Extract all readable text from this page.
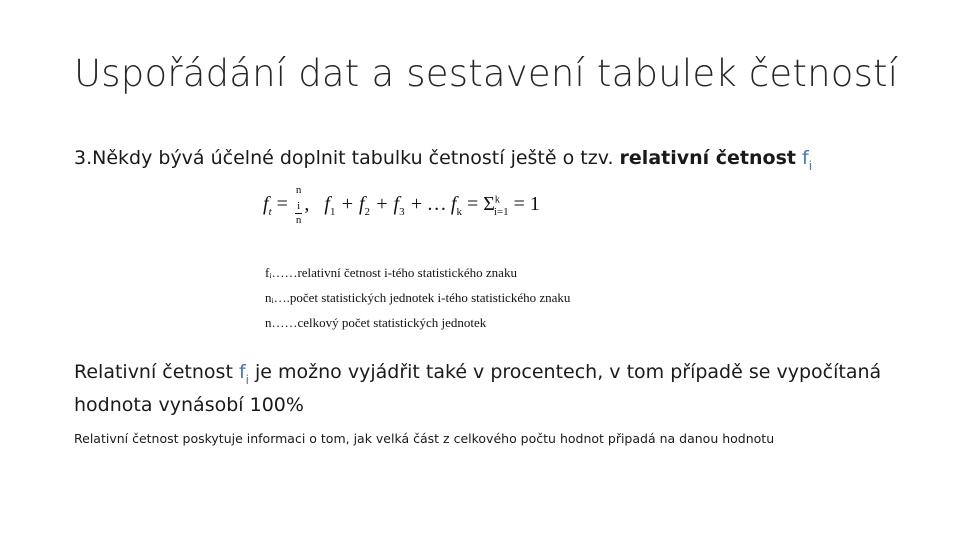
Uspořádání dat a sestavení tabulek četností
3.Někdy bývá účelné doplnit tabulku četností ještě o tzv. relativní četnost $f_i$
$f_t = n$
$_i$
n , $f_1 + f_2 + f_3$ + … $f_k = \Sigma^k_{i=1} = 1$
fᵢ……relativní četnost i-tého statistického znaku
nᵢ….počet statistických jednotek i-tého statistického znaku
n……celkový počet statistických jednotek
Relativní četnost $f_i$ je možno vyjádřit také v procentech, v tom případě se vypočítaná hodnota vynásobí 100%
Relativní četnost poskytuje informaci o tom, jak velká část z celkového počtu hodnot připadá na danou hodnotu
